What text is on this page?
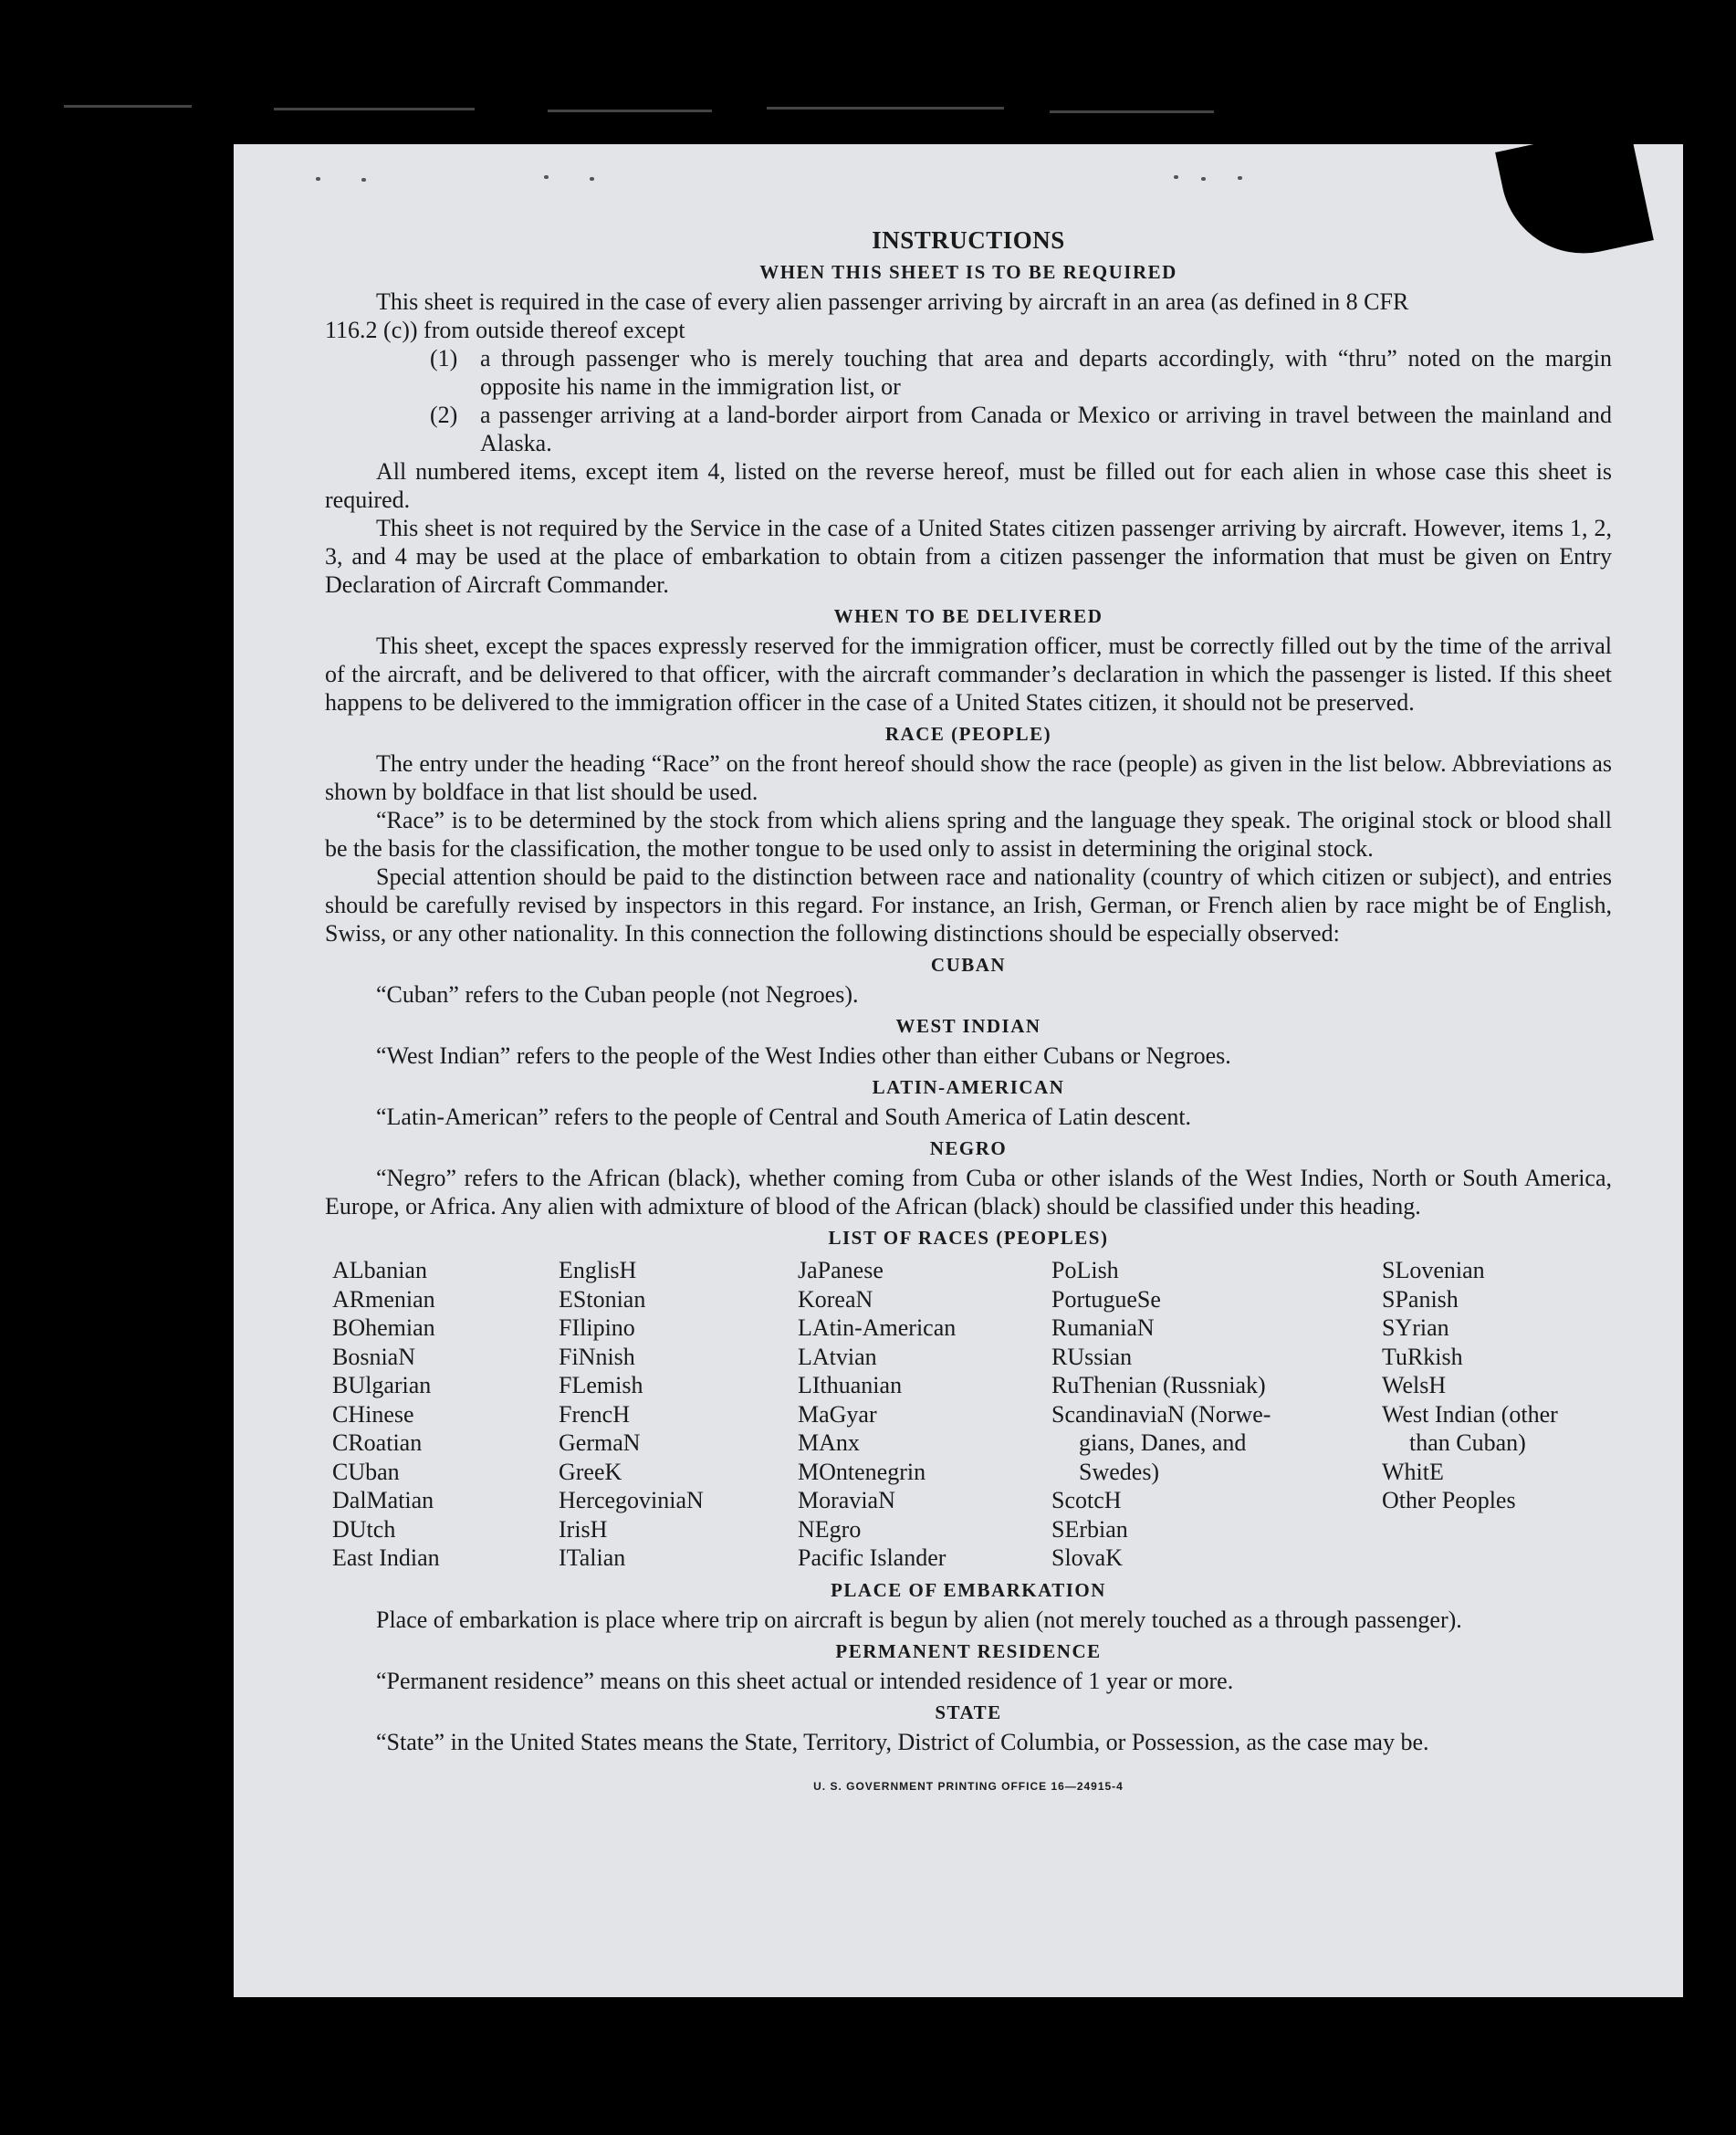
INSTRUCTIONS
WHEN THIS SHEET IS TO BE REQUIRED

This sheet is required in the case of every alien passenger arriving by aircraft in an area (as defined in 8 CFR

116.2 (c)) from outside thereof except

(1) a through passenger who is merely touching that area and departs accordingly, with “thru” noted on the margin opposite his name in the immigration list, or
(2) a passenger arriving at a land-border airport from Canada or Mexico or arriving in travel between the mainland and Alaska.

All numbered items, except item 4, listed on the reverse hereof, must be filled out for each alien in whose case this sheet is required.

This sheet is not required by the Service in the case of a United States citizen passenger arriving by aircraft. However, items 1, 2, 3, and 4 may be used at the place of embarkation to obtain from a citizen passenger the information that must be given on Entry Declaration of Aircraft Commander.

WHEN TO BE DELIVERED

This sheet, except the spaces expressly reserved for the immigration officer, must be correctly filled out by the time of the arrival of the aircraft, and be delivered to that officer, with the aircraft commander’s declaration in which the passenger is listed. If this sheet happens to be delivered to the immigration officer in the case of a United States citizen, it should not be preserved.

RACE (PEOPLE)

The entry under the heading “Race” on the front hereof should show the race (people) as given in the list below. Abbreviations as shown by boldface in that list should be used.

“Race” is to be determined by the stock from which aliens spring and the language they speak. The original stock or blood shall be the basis for the classification, the mother tongue to be used only to assist in determining the original stock.

Special attention should be paid to the distinction between race and nationality (country of which citizen or subject), and entries should be carefully revised by inspectors in this regard. For instance, an Irish, German, or French alien by race might be of English, Swiss, or any other nationality. In this connection the following distinctions should be especially observed:

CUBAN

“Cuban” refers to the Cuban people (not Negroes).

WEST INDIAN

“West Indian” refers to the people of the West Indies other than either Cubans or Negroes.

LATIN-AMERICAN

“Latin-American” refers to the people of Central and South America of Latin descent.

NEGRO

“Negro” refers to the African (black), whether coming from Cuba or other islands of the West Indies, North or South America, Europe, or Africa. Any alien with admixture of blood of the African (black) should be classified under this heading.

LIST OF RACES (PEOPLES)
ALbanian
ARmenian
BOhemian
BosniaN
BUlgarian
CHinese
CRoatian
CUban
DalMatian
DUtch
East Indian
EnglisH
EStonian
FIlipino
FiNnish
FLemish
FrencH
GermaN
GreeK
HercegoviniaN
IrisH
ITalian
JaPanese
KoreaN
LAtin-American
LAtvian
LIthuanian
MaGyar
MAnx
MOntenegrin
MoraviaN
NEgro
Pacific Islander
PoLish
PortugueSe
RumaniaN
RUssian
RuThenian (Russniak)
ScandinaviaN (Norwe-
gians, Danes, and
Swedes)
ScotcH
SErbian
SlovaK
SLovenian
SPanish
SYrian
TuRkish
WelsH
West Indian (other
than Cuban)
WhitE
Other Peoples
PLACE OF EMBARKATION

Place of embarkation is place where trip on aircraft is begun by alien (not merely touched as a through passenger).

PERMANENT RESIDENCE

“Permanent residence” means on this sheet actual or intended residence of 1 year or more.

STATE

“State” in the United States means the State, Territory, District of Columbia, or Possession, as the case may be.

U. S. GOVERNMENT PRINTING OFFICE 16—24915-4
